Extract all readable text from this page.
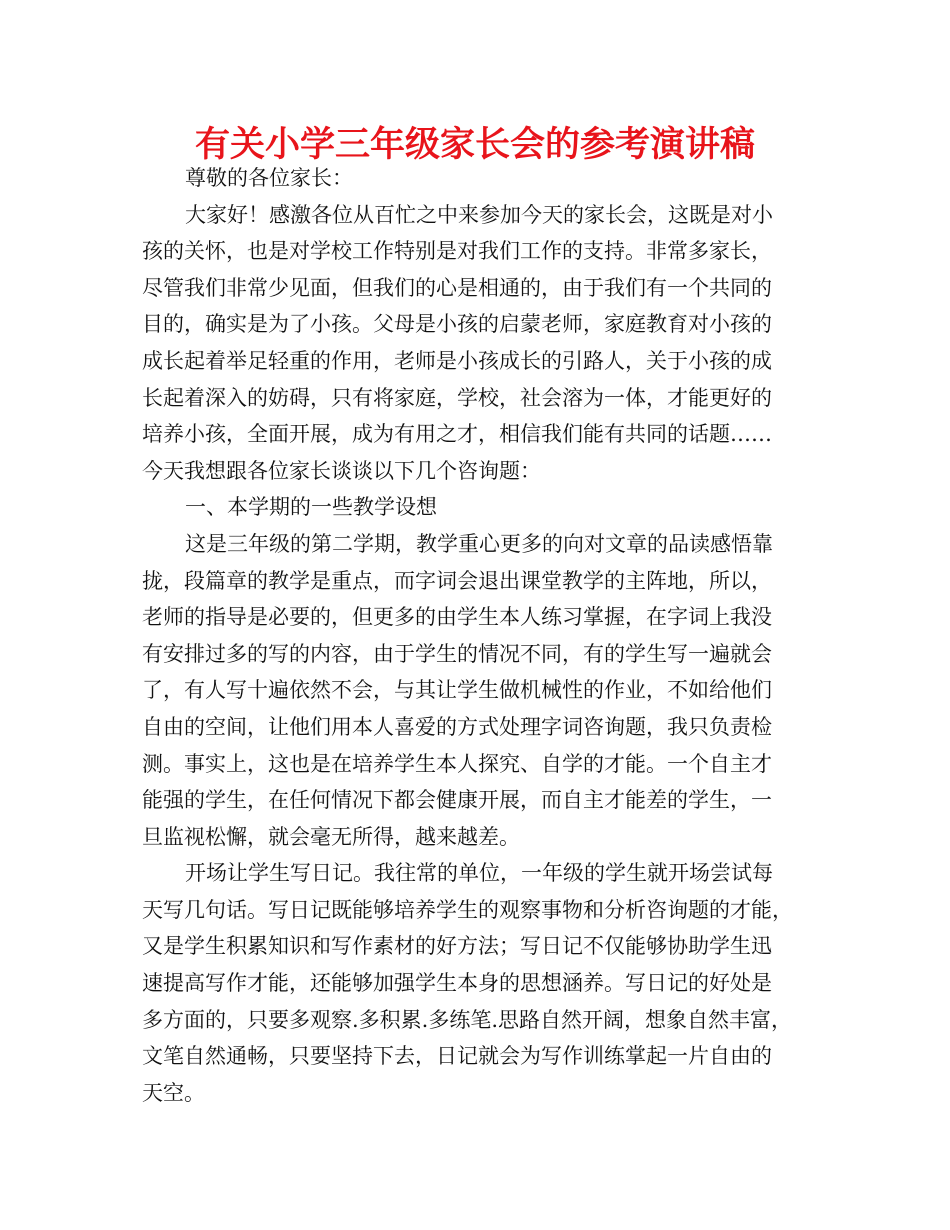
有关小学三年级家长会的参考演讲稿
尊敬的各位家长：
大家好！感激各位从百忙之中来参加今天的家长会，这既是对小
孩的关怀，也是对学校工作特别是对我们工作的支持。非常多家长，
尽管我们非常少见面，但我们的心是相通的，由于我们有一个共同的
目的，确实是为了小孩。父母是小孩的启蒙老师，家庭教育对小孩的
成长起着举足轻重的作用，老师是小孩成长的引路人，关于小孩的成
长起着深入的妨碍，只有将家庭，学校，社会溶为一体，才能更好的
培养小孩，全面开展，成为有用之才，相信我们能有共同的话题……
今天我想跟各位家长谈谈以下几个咨询题：
一、本学期的一些教学设想
这是三年级的第二学期，教学重心更多的向对文章的品读感悟靠
拢，段篇章的教学是重点，而字词会退出课堂教学的主阵地，所以，
老师的指导是必要的，但更多的由学生本人练习掌握，在字词上我没
有安排过多的写的内容，由于学生的情况不同，有的学生写一遍就会
了，有人写十遍依然不会，与其让学生做机械性的作业，不如给他们
自由的空间，让他们用本人喜爱的方式处理字词咨询题，我只负责检
测。事实上，这也是在培养学生本人探究、自学的才能。一个自主才
能强的学生，在任何情况下都会健康开展，而自主才能差的学生，一
旦监视松懈，就会毫无所得，越来越差。
开场让学生写日记。我往常的单位，一年级的学生就开场尝试每
天写几句话。写日记既能够培养学生的观察事物和分析咨询题的才能，
又是学生积累知识和写作素材的好方法；写日记不仅能够协助学生迅
速提高写作才能，还能够加强学生本身的思想涵养。写日记的好处是
多方面的，只要多观察.多积累.多练笔.思路自然开阔，想象自然丰富，
文笔自然通畅，只要坚持下去，日记就会为写作训练掌起一片自由的
天空。
